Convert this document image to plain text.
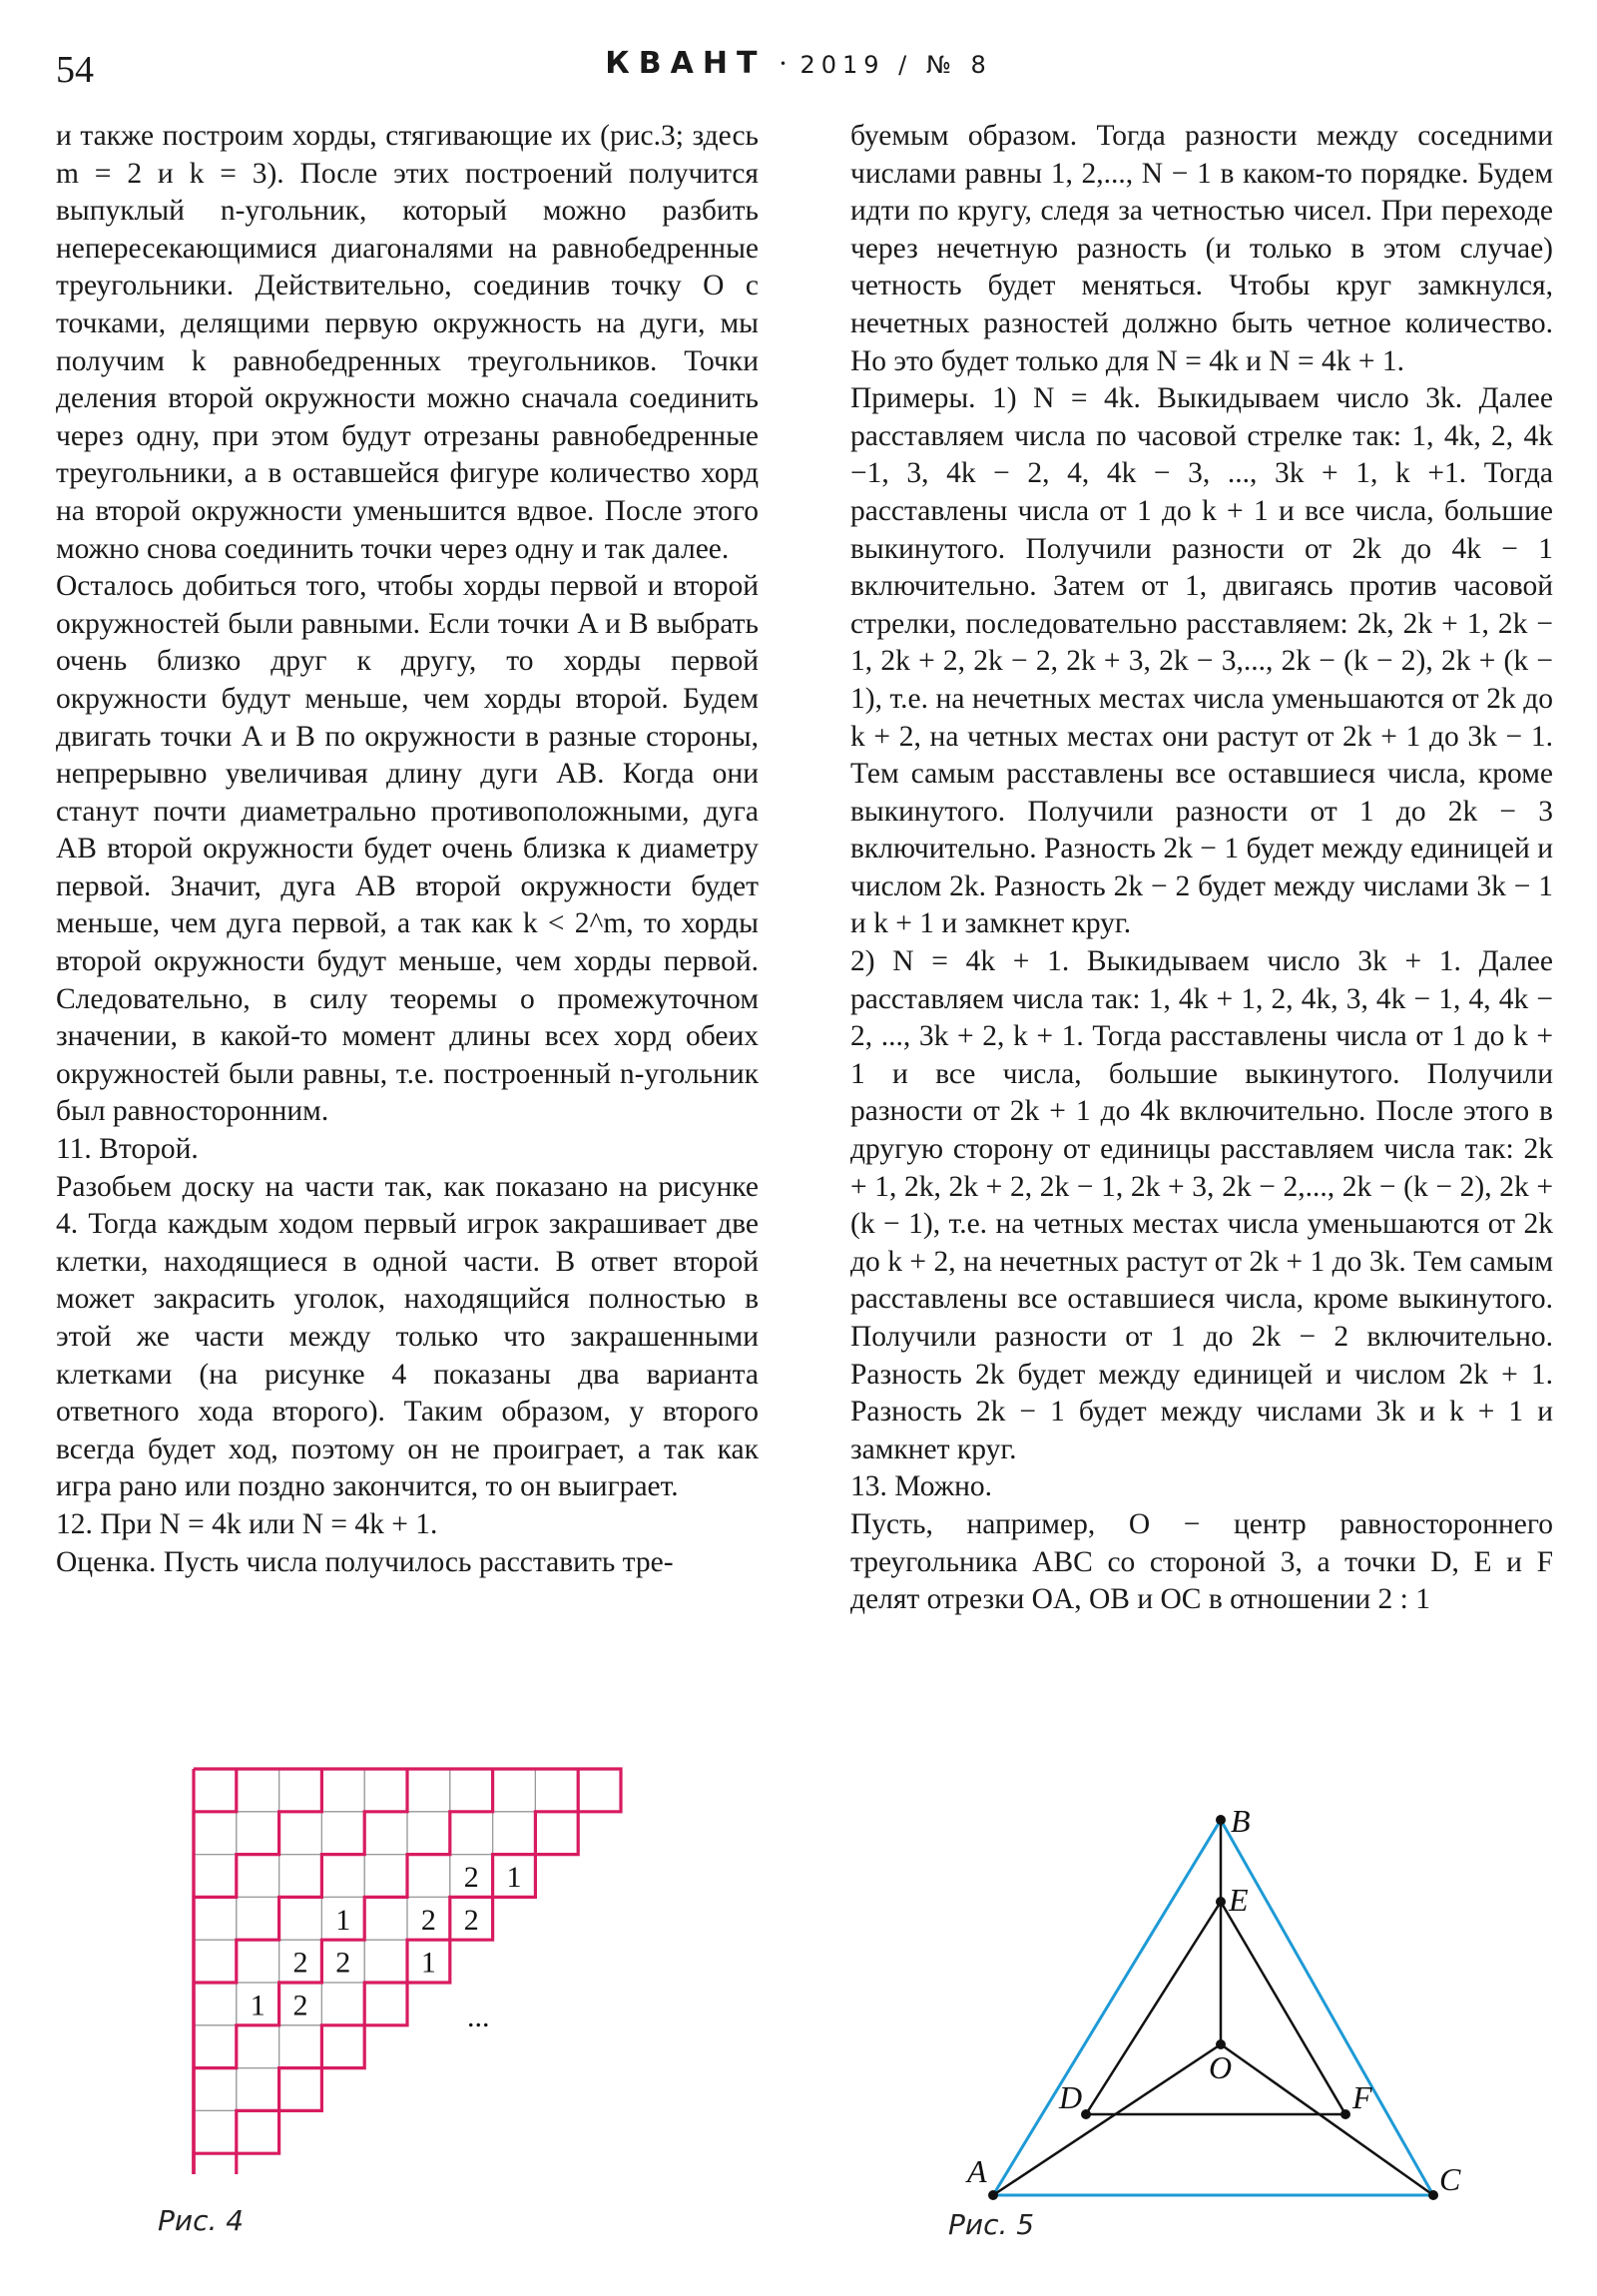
54	КВАНТ · 2019 / № 8

и также построим хорды, стягивающие их (рис.3; здесь m = 2 и k = 3). После этих построений получится выпуклый n-угольник, который можно разбить непересекающимися диагоналями на равнобедренные треугольники. Действительно, соединив точку O с точками, делящими первую окружность на дуги, мы получим k равнобедренных треугольников. Точки деления второй окружности можно сначала соединить через одну, при этом будут отрезаны равнобедренные треугольники, а в оставшейся фигуре количество хорд на второй окружности уменьшится вдвое. После этого можно снова соединить точки через одну и так далее.

Осталось добиться того, чтобы хорды первой и второй окружностей были равными. Если точки A и B выбрать очень близко друг к другу, то хорды первой окружности будут меньше, чем хорды второй. Будем двигать точки A и B по окружности в разные стороны, непрерывно увеличивая длину дуги AB. Когда они станут почти диаметрально противоположными, дуга AB второй окружности будет очень близка к диаметру первой. Значит, дуга AB второй окружности будет меньше, чем дуга первой, а так как k < 2^m, то хорды второй окружности будут меньше, чем хорды первой. Следовательно, в силу теоремы о промежуточном значении, в какой-то момент длины всех хорд обеих окружностей были равны, т.е. построенный n-угольник был равносторонним.

11. Второй.

Разобьем доску на части так, как показано на рисунке 4. Тогда каждым ходом первый игрок закрашивает две клетки, находящиеся в одной части. В ответ второй может закрасить уголок, находящийся полностью в этой же части между только что закрашенными клетками (на рисунке 4 показаны два варианта ответного хода второго). Таким образом, у второго всегда будет ход, поэтому он не проиграет, а так как игра рано или поздно закончится, то он выиграет.

12. При N = 4k или N = 4k + 1.

Оценка. Пусть числа получилось расставить тре-

буемым образом. Тогда разности между соседними числами равны 1, 2,..., N − 1 в каком-то порядке. Будем идти по кругу, следя за четностью чисел. При переходе через нечетную разность (и только в этом случае) четность будет меняться. Чтобы круг замкнулся, нечетных разностей должно быть четное количество. Но это будет только для N = 4k и N = 4k + 1.

Примеры. 1) N = 4k. Выкидываем число 3k. Далее расставляем числа по часовой стрелке так: 1, 4k, 2, 4k −1, 3, 4k − 2, 4, 4k − 3, ..., 3k + 1, k +1. Тогда расставлены числа от 1 до k + 1 и все числа, большие выкинутого. Получили разности от 2k до 4k − 1 включительно. Затем от 1, двигаясь против часовой стрелки, последовательно расставляем: 2k, 2k + 1, 2k − 1, 2k + 2, 2k − 2, 2k + 3, 2k − 3,..., 2k − (k − 2), 2k + (k − 1), т.е. на нечетных местах числа уменьшаются от 2k до k + 2, на четных местах они растут от 2k + 1 до 3k − 1. Тем самым расставлены все оставшиеся числа, кроме выкинутого. Получили разности от 1 до 2k − 3 включительно. Разность 2k − 1 будет между единицей и числом 2k. Разность 2k − 2 будет между числами 3k − 1 и k + 1 и замкнет круг.

2) N = 4k + 1. Выкидываем число 3k + 1. Далее расставляем числа так: 1, 4k + 1, 2, 4k, 3, 4k − 1, 4, 4k − 2, ..., 3k + 2, k + 1. Тогда расставлены числа от 1 до k + 1 и все числа, большие выкинутого. Получили разности от 2k + 1 до 4k включительно. После этого в другую сторону от единицы расставляем числа так: 2k + 1, 2k, 2k + 2, 2k − 1, 2k + 3, 2k − 2,..., 2k − (k − 2), 2k + (k − 1), т.е. на четных местах числа уменьшаются от 2k до k + 2, на нечетных растут от 2k + 1 до 3k. Тем самым расставлены все оставшиеся числа, кроме выкинутого. Получили разности от 1 до 2k − 2 включительно. Разность 2k будет между единицей и числом 2k + 1. Разность 2k − 1 будет между числами 3k и k + 1 и замкнет круг.

13. Можно.

Пусть, например, O − центр равностороннего треугольника ABC со стороной 3, а точки D, E и F делят отрезки OA, OB и OC в отношении 2 : 1

2 1
1 2 2
2 2 1
1 2	...
Рис. 4
A
B
C
D
E
F
O
Рис. 5
